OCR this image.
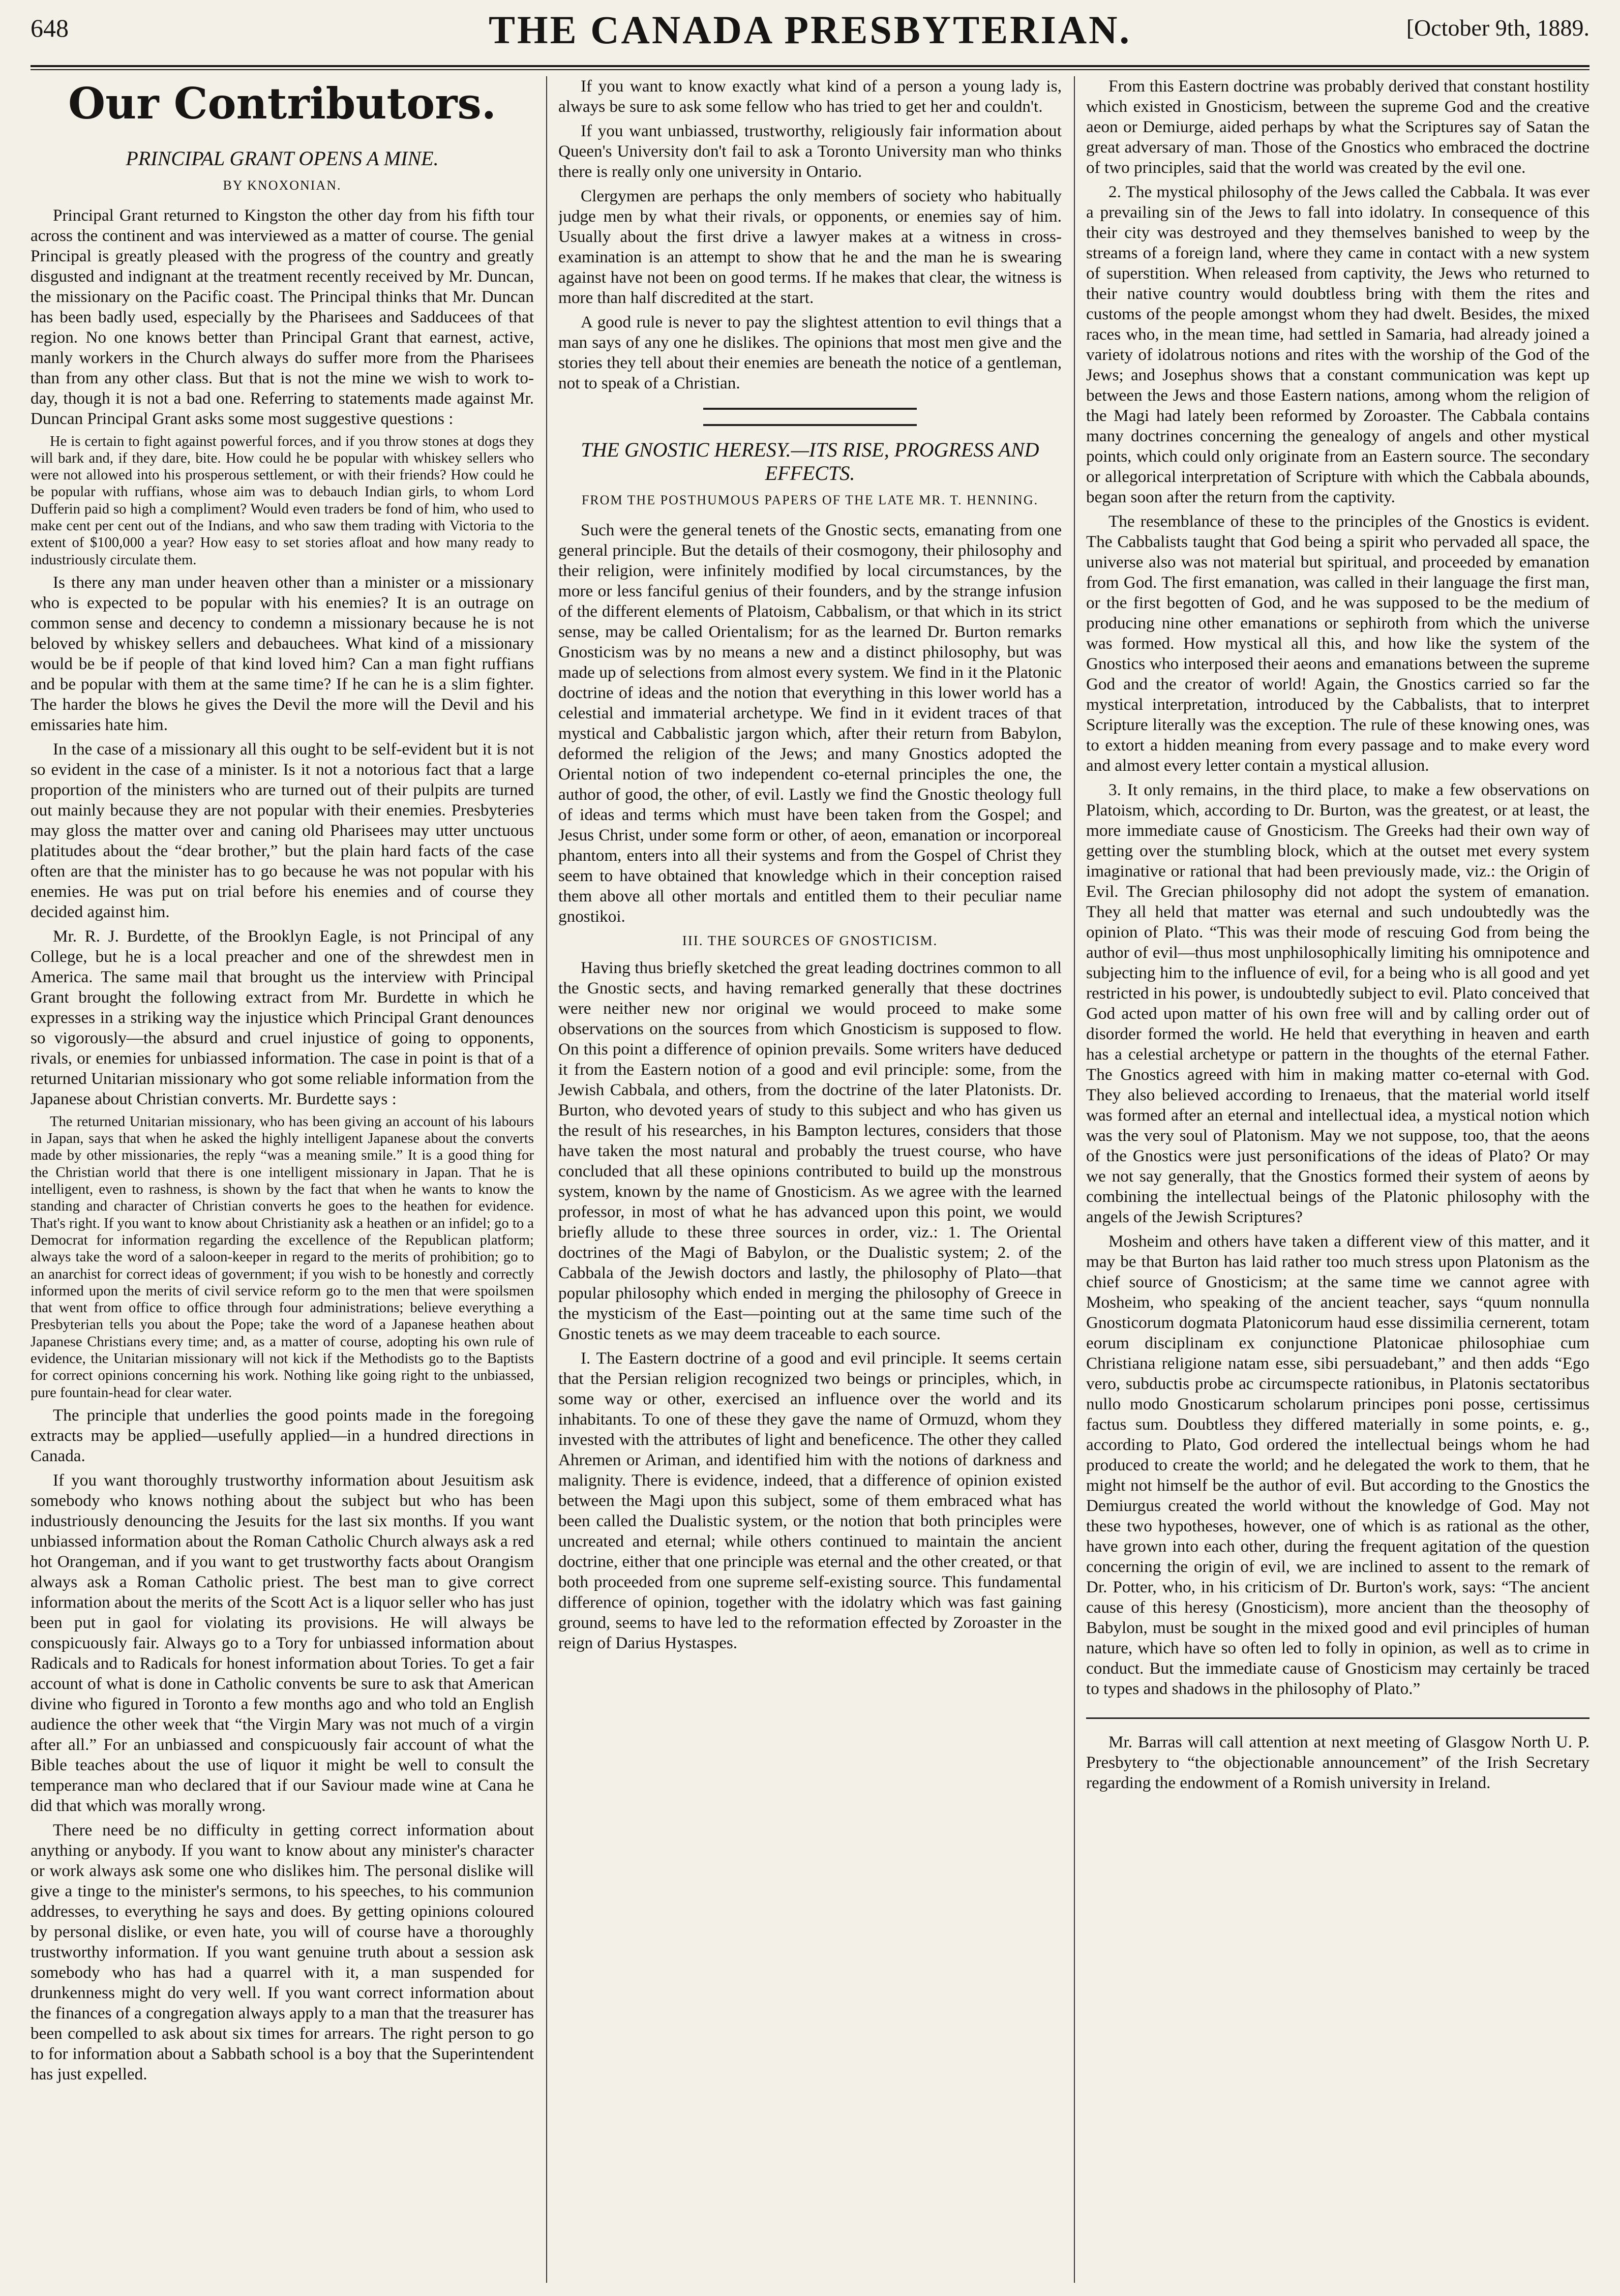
648	THE CANADA PRESBYTERIAN.	[October 9th, 1889.
Our Contributors.
PRINCIPAL GRANT OPENS A MINE.
BY KNOXONIAN.

Principal Grant returned to Kingston the other day from his fifth tour across the continent and was interviewed as a matter of course. The genial Principal is greatly pleased with the progress of the country and greatly disgusted and indignant at the treatment recently received by Mr. Duncan, the missionary on the Pacific coast. The Principal thinks that Mr. Duncan has been badly used, especially by the Pharisees and Sadducees of that region. No one knows better than Principal Grant that earnest, active, manly workers in the Church always do suffer more from the Pharisees than from any other class. But that is not the mine we wish to work to-day, though it is not a bad one. Referring to statements made against Mr. Duncan Principal Grant asks some most suggestive questions :

He is certain to fight against powerful forces, and if you throw stones at dogs they will bark and, if they dare, bite. How could he be popular with whiskey sellers who were not allowed into his prosperous settlement, or with their friends? How could he be popular with ruffians, whose aim was to debauch Indian girls, to whom Lord Dufferin paid so high a compliment? Would even traders be fond of him, who used to make cent per cent out of the Indians, and who saw them trading with Victoria to the extent of $100,000 a year? How easy to set stories afloat and how many ready to industriously circulate them.

Is there any man under heaven other than a minister or a missionary who is expected to be popular with his enemies? It is an outrage on common sense and decency to condemn a missionary because he is not beloved by whiskey sellers and debauchees. What kind of a missionary would be be if people of that kind loved him? Can a man fight ruffians and be popular with them at the same time? If he can he is a slim fighter. The harder the blows he gives the Devil the more will the Devil and his emissaries hate him.

In the case of a missionary all this ought to be self-evident but it is not so evident in the case of a minister. Is it not a notorious fact that a large proportion of the ministers who are turned out of their pulpits are turned out mainly because they are not popular with their enemies. Presbyteries may gloss the matter over and caning old Pharisees may utter unctuous platitudes about the “dear brother,” but the plain hard facts of the case often are that the minister has to go because he was not popular with his enemies. He was put on trial before his enemies and of course they decided against him.

Mr. R. J. Burdette, of the Brooklyn Eagle, is not Principal of any College, but he is a local preacher and one of the shrewdest men in America. The same mail that brought us the interview with Principal Grant brought the following extract from Mr. Burdette in which he expresses in a striking way the injustice which Principal Grant denounces so vigorously—the absurd and cruel injustice of going to opponents, rivals, or enemies for unbiassed information. The case in point is that of a returned Unitarian missionary who got some reliable information from the Japanese about Christian converts. Mr. Burdette says :

The returned Unitarian missionary, who has been giving an account of his labours in Japan, says that when he asked the highly intelligent Japanese about the converts made by other missionaries, the reply “was a meaning smile.” It is a good thing for the Christian world that there is one intelligent missionary in Japan. That he is intelligent, even to rashness, is shown by the fact that when he wants to know the standing and character of Christian converts he goes to the heathen for evidence. That's right. If you want to know about Christianity ask a heathen or an infidel; go to a Democrat for information regarding the excellence of the Republican platform; always take the word of a saloon-keeper in regard to the merits of prohibition; go to an anarchist for correct ideas of government; if you wish to be honestly and correctly informed upon the merits of civil service reform go to the men that were spoilsmen that went from office to office through four administrations; believe everything a Presbyterian tells you about the Pope; take the word of a Japanese heathen about Japanese Christians every time; and, as a matter of course, adopting his own rule of evidence, the Unitarian missionary will not kick if the Methodists go to the Baptists for correct opinions concerning his work. Nothing like going right to the unbiassed, pure fountain-head for clear water.

The principle that underlies the good points made in the foregoing extracts may be applied—usefully applied—in a hundred directions in Canada.

If you want thoroughly trustworthy information about Jesuitism ask somebody who knows nothing about the subject but who has been industriously denouncing the Jesuits for the last six months. If you want unbiassed information about the Roman Catholic Church always ask a red hot Orangeman, and if you want to get trustworthy facts about Orangism always ask a Roman Catholic priest. The best man to give correct information about the merits of the Scott Act is a liquor seller who has just been put in gaol for violating its provisions. He will always be conspicuously fair. Always go to a Tory for unbiassed information about Radicals and to Radicals for honest information about Tories. To get a fair account of what is done in Catholic convents be sure to ask that American divine who figured in Toronto a few months ago and who told an English audience the other week that “the Virgin Mary was not much of a virgin after all.” For an unbiassed and conspicuously fair account of what the Bible teaches about the use of liquor it might be well to consult the temperance man who declared that if our Saviour made wine at Cana he did that which was morally wrong.

There need be no difficulty in getting correct information about anything or anybody. If you want to know about any minister's character or work always ask some one who dislikes him. The personal dislike will give a tinge to the minister's sermons, to his speeches, to his communion addresses, to everything he says and does. By getting opinions coloured by personal dislike, or even hate, you will of course have a thoroughly trustworthy information. If you want genuine truth about a session ask somebody who has had a quarrel with it, a man suspended for drunkenness might do very well. If you want correct information about the finances of a congregation always apply to a man that the treasurer has been compelled to ask about six times for arrears. The right person to go to for information about a Sabbath school is a boy that the Superintendent has just expelled.

If you want to know exactly what kind of a person a young lady is, always be sure to ask some fellow who has tried to get her and couldn't.

If you want unbiassed, trustworthy, religiously fair information about Queen's University don't fail to ask a Toronto University man who thinks there is really only one university in Ontario.

Clergymen are perhaps the only members of society who habitually judge men by what their rivals, or opponents, or enemies say of him. Usually about the first drive a lawyer makes at a witness in cross-examination is an attempt to show that he and the man he is swearing against have not been on good terms. If he makes that clear, the witness is more than half discredited at the start.

A good rule is never to pay the slightest attention to evil things that a man says of any one he dislikes. The opinions that most men give and the stories they tell about their enemies are beneath the notice of a gentleman, not to speak of a Christian.

THE GNOSTIC HERESY.—ITS RISE, PROGRESS AND EFFECTS.
FROM THE POSTHUMOUS PAPERS OF THE LATE MR. T. HENNING.

Such were the general tenets of the Gnostic sects, emanating from one general principle. But the details of their cosmogony, their philosophy and their religion, were infinitely modified by local circumstances, by the more or less fanciful genius of their founders, and by the strange infusion of the different elements of Platoism, Cabbalism, or that which in its strict sense, may be called Orientalism; for as the learned Dr. Burton remarks Gnosticism was by no means a new and a distinct philosophy, but was made up of selections from almost every system. We find in it the Platonic doctrine of ideas and the notion that everything in this lower world has a celestial and immaterial archetype. We find in it evident traces of that mystical and Cabbalistic jargon which, after their return from Babylon, deformed the religion of the Jews; and many Gnostics adopted the Oriental notion of two independent co-eternal principles the one, the author of good, the other, of evil. Lastly we find the Gnostic theology full of ideas and terms which must have been taken from the Gospel; and Jesus Christ, under some form or other, of aeon, emanation or incorporeal phantom, enters into all their systems and from the Gospel of Christ they seem to have obtained that knowledge which in their conception raised them above all other mortals and entitled them to their peculiar name gnostikoi.

III. THE SOURCES OF GNOSTICISM.

Having thus briefly sketched the great leading doctrines common to all the Gnostic sects, and having remarked generally that these doctrines were neither new nor original we would proceed to make some observations on the sources from which Gnosticism is supposed to flow. On this point a difference of opinion prevails. Some writers have deduced it from the Eastern notion of a good and evil principle: some, from the Jewish Cabbala, and others, from the doctrine of the later Platonists. Dr. Burton, who devoted years of study to this subject and who has given us the result of his researches, in his Bampton lectures, considers that those have taken the most natural and probably the truest course, who have concluded that all these opinions contributed to build up the monstrous system, known by the name of Gnosticism. As we agree with the learned professor, in most of what he has advanced upon this point, we would briefly allude to these three sources in order, viz.: 1. The Oriental doctrines of the Magi of Babylon, or the Dualistic system; 2. of the Cabbala of the Jewish doctors and lastly, the philosophy of Plato—that popular philosophy which ended in merging the philosophy of Greece in the mysticism of the East—pointing out at the same time such of the Gnostic tenets as we may deem traceable to each source.

I. The Eastern doctrine of a good and evil principle. It seems certain that the Persian religion recognized two beings or principles, which, in some way or other, exercised an influence over the world and its inhabitants. To one of these they gave the name of Ormuzd, whom they invested with the attributes of light and beneficence. The other they called Ahremen or Ariman, and identified him with the notions of darkness and malignity. There is evidence, indeed, that a difference of opinion existed between the Magi upon this subject, some of them embraced what has been called the Dualistic system, or the notion that both principles were uncreated and eternal; while others continued to maintain the ancient doctrine, either that one principle was eternal and the other created, or that both proceeded from one supreme self-existing source. This fundamental difference of opinion, together with the idolatry which was fast gaining ground, seems to have led to the reformation effected by Zoroaster in the reign of Darius Hystaspes.

From this Eastern doctrine was probably derived that constant hostility which existed in Gnosticism, between the supreme God and the creative aeon or Demiurge, aided perhaps by what the Scriptures say of Satan the great adversary of man. Those of the Gnostics who embraced the doctrine of two principles, said that the world was created by the evil one.

2. The mystical philosophy of the Jews called the Cabbala. It was ever a prevailing sin of the Jews to fall into idolatry. In consequence of this their city was destroyed and they themselves banished to weep by the streams of a foreign land, where they came in contact with a new system of superstition. When released from captivity, the Jews who returned to their native country would doubtless bring with them the rites and customs of the people amongst whom they had dwelt. Besides, the mixed races who, in the mean time, had settled in Samaria, had already joined a variety of idolatrous notions and rites with the worship of the God of the Jews; and Josephus shows that a constant communication was kept up between the Jews and those Eastern nations, among whom the religion of the Magi had lately been reformed by Zoroaster. The Cabbala contains many doctrines concerning the genealogy of angels and other mystical points, which could only originate from an Eastern source. The secondary or allegorical interpretation of Scripture with which the Cabbala abounds, began soon after the return from the captivity.

The resemblance of these to the principles of the Gnostics is evident. The Cabbalists taught that God being a spirit who pervaded all space, the universe also was not material but spiritual, and proceeded by emanation from God. The first emanation, was called in their language the first man, or the first begotten of God, and he was supposed to be the medium of producing nine other emanations or sephiroth from which the universe was formed. How mystical all this, and how like the system of the Gnostics who interposed their aeons and emanations between the supreme God and the creator of world! Again, the Gnostics carried so far the mystical interpretation, introduced by the Cabbalists, that to interpret Scripture literally was the exception. The rule of these knowing ones, was to extort a hidden meaning from every passage and to make every word and almost every letter contain a mystical allusion.

3. It only remains, in the third place, to make a few observations on Platoism, which, according to Dr. Burton, was the greatest, or at least, the more immediate cause of Gnosticism. The Greeks had their own way of getting over the stumbling block, which at the outset met every system imaginative or rational that had been previously made, viz.: the Origin of Evil. The Grecian philosophy did not adopt the system of emanation. They all held that matter was eternal and such undoubtedly was the opinion of Plato. “This was their mode of rescuing God from being the author of evil—thus most unphilosophically limiting his omnipotence and subjecting him to the influence of evil, for a being who is all good and yet restricted in his power, is undoubtedly subject to evil. Plato conceived that God acted upon matter of his own free will and by calling order out of disorder formed the world. He held that everything in heaven and earth has a celestial archetype or pattern in the thoughts of the eternal Father. The Gnostics agreed with him in making matter co-eternal with God. They also believed according to Irenaeus, that the material world itself was formed after an eternal and intellectual idea, a mystical notion which was the very soul of Platonism. May we not suppose, too, that the aeons of the Gnostics were just personifications of the ideas of Plato? Or may we not say generally, that the Gnostics formed their system of aeons by combining the intellectual beings of the Platonic philosophy with the angels of the Jewish Scriptures?

Mosheim and others have taken a different view of this matter, and it may be that Burton has laid rather too much stress upon Platonism as the chief source of Gnosticism; at the same time we cannot agree with Mosheim, who speaking of the ancient teacher, says “quum nonnulla Gnosticorum dogmata Platonicorum haud esse dissimilia cernerent, totam eorum disciplinam ex conjunctione Platonicae philosophiae cum Christiana religione natam esse, sibi persuadebant,” and then adds “Ego vero, subductis probe ac circumspecte rationibus, in Platonis sectatoribus nullo modo Gnosticarum scholarum principes poni posse, certissimus factus sum. Doubtless they differed materially in some points, e. g., according to Plato, God ordered the intellectual beings whom he had produced to create the world; and he delegated the work to them, that he might not himself be the author of evil. But according to the Gnostics the Demiurgus created the world without the knowledge of God. May not these two hypotheses, however, one of which is as rational as the other, have grown into each other, during the frequent agitation of the question concerning the origin of evil, we are inclined to assent to the remark of Dr. Potter, who, in his criticism of Dr. Burton's work, says: “The ancient cause of this heresy (Gnosticism), more ancient than the theosophy of Babylon, must be sought in the mixed good and evil principles of human nature, which have so often led to folly in opinion, as well as to crime in conduct. But the immediate cause of Gnosticism may certainly be traced to types and shadows in the philosophy of Plato.”

Mr. Barras will call attention at next meeting of Glasgow North U. P. Presbytery to “the objectionable announcement” of the Irish Secretary regarding the endowment of a Romish university in Ireland.
